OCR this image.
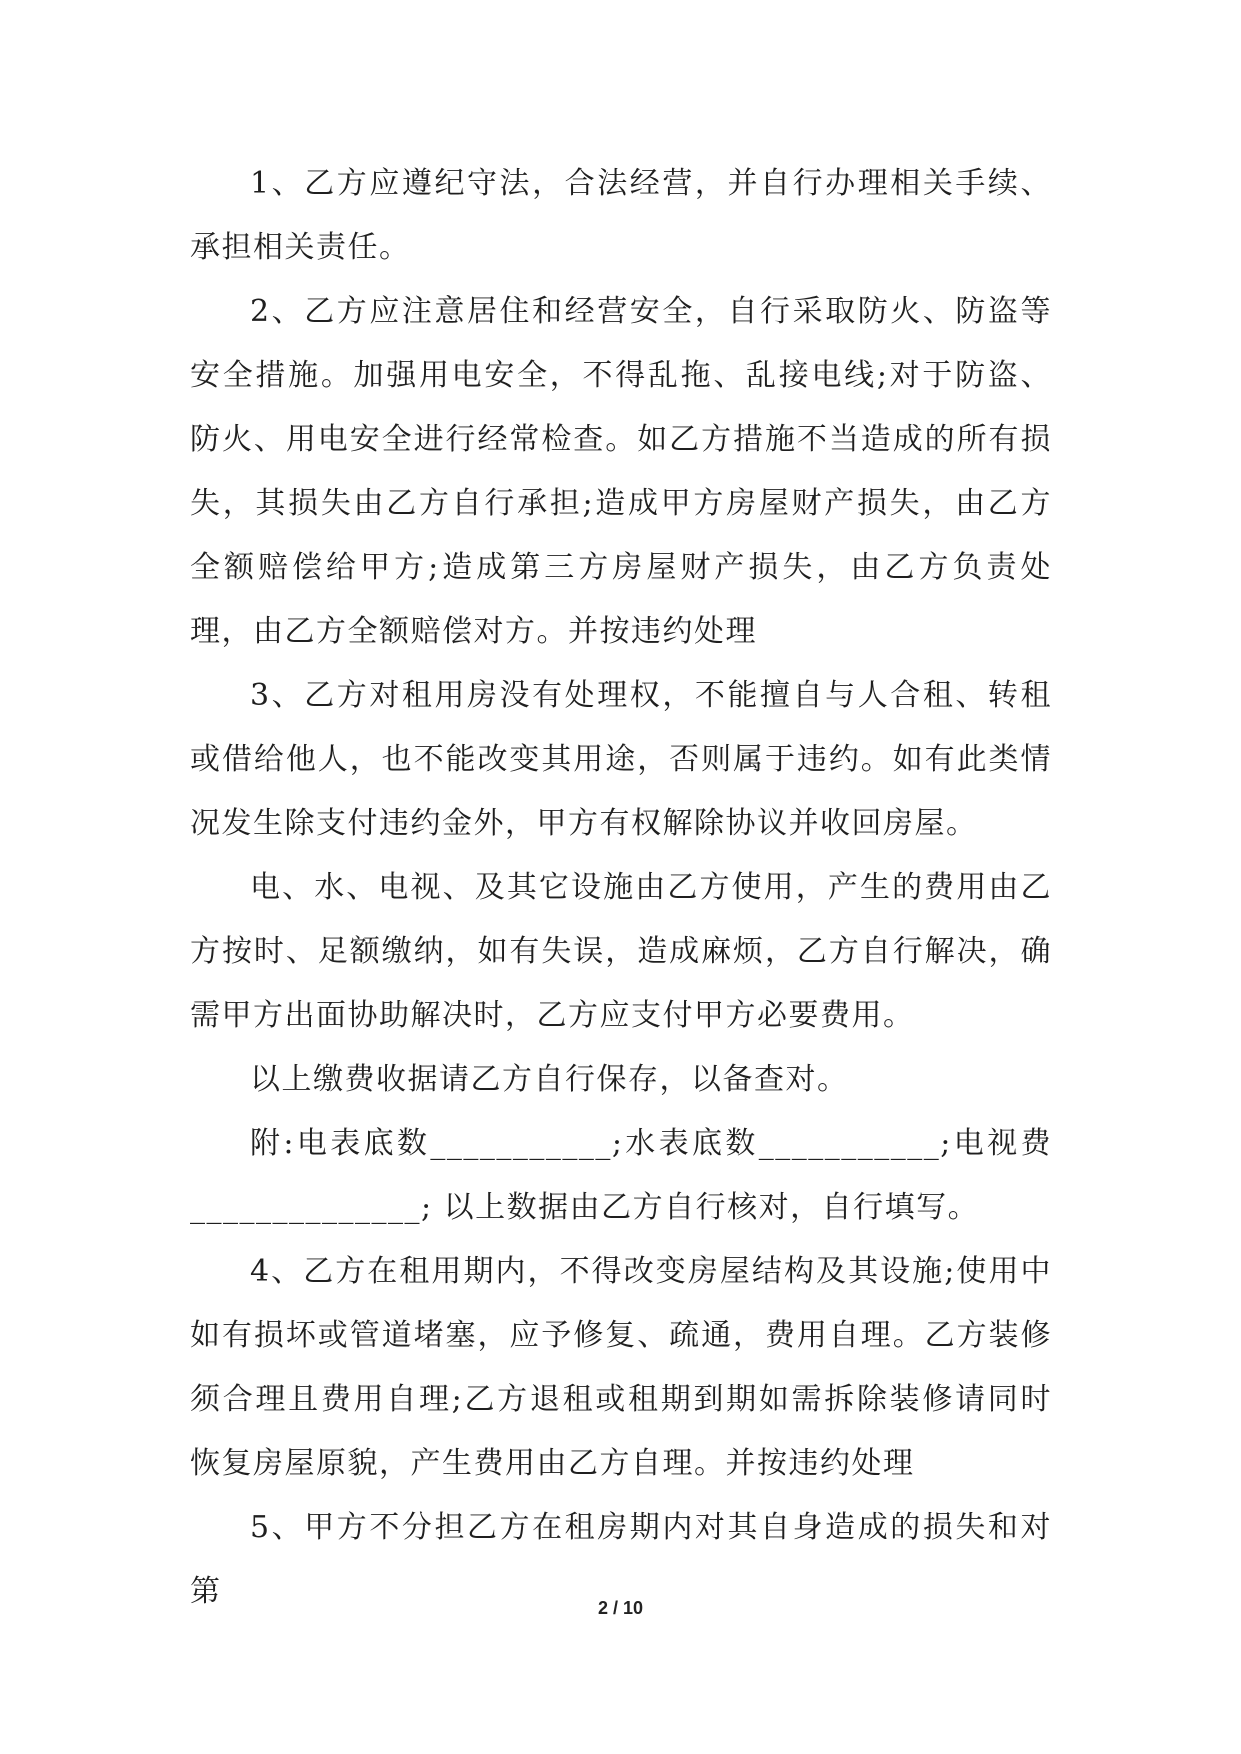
1、乙方应遵纪守法，合法经营，并自行办理相关手续、承担相关责任。

2、乙方应注意居住和经营安全，自行采取防火、防盗等安全措施。加强用电安全，不得乱拖、乱接电线;对于防盗、防火、用电安全进行经常检查。如乙方措施不当造成的所有损失，其损失由乙方自行承担;造成甲方房屋财产损失，由乙方全额赔偿给甲方;造成第三方房屋财产损失，由乙方负责处理，由乙方全额赔偿对方。并按违约处理

3、乙方对租用房没有处理权，不能擅自与人合租、转租或借给他人，也不能改变其用途，否则属于违约。如有此类情况发生除支付违约金外，甲方有权解除协议并收回房屋。

电、水、电视、及其它设施由乙方使用，产生的费用由乙方按时、足额缴纳，如有失误，造成麻烦，乙方自行解决，确需甲方出面协助解决时，乙方应支付甲方必要费用。

以上缴费收据请乙方自行保存，以备查对。

附:电表底数___________;水表底数___________;电视费______________; 以上数据由乙方自行核对，自行填写。

4、乙方在租用期内，不得改变房屋结构及其设施;使用中如有损坏或管道堵塞，应予修复、疏通，费用自理。乙方装修须合理且费用自理;乙方退租或租期到期如需拆除装修请同时恢复房屋原貌，产生费用由乙方自理。并按违约处理

5、甲方不分担乙方在租房期内对其自身造成的损失和对第	2 / 10
